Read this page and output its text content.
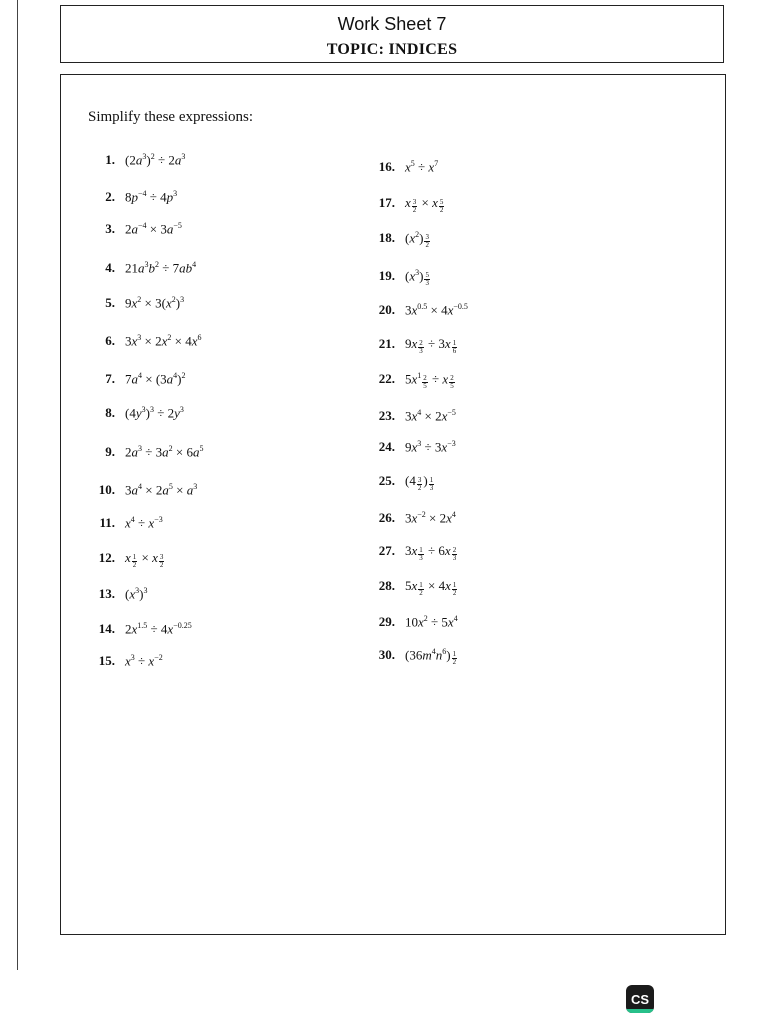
Work Sheet 7
TOPIC: INDICES
Simplify these expressions:
1. $(2a^3)^2 \div 2a^3$
2. $8p^{-4} \div 4p^3$
3. $2a^{-4} \times 3a^{-5}$
4. $21a^3b^2 \div 7ab^4$
5. $9x^2 \times 3(x^2)^3$
6. $3x^3 \times 2x^2 \times 4x^6$
7. $7a^4 \times (3a^4)^2$
8. $(4y^3)^3 \div 2y^3$
9. $2a^3 \div 3a^2 \times 6a^5$
10. $3a^4 \times 2a^5 \times a^3$
11. $x^4 \div x^{-3}$
12. x $\frac{1}{2} \times x \frac{3}{2}$
13. $(x^3)^3$
14. $2x^{1.5} \div 4x^{-0.25}$
15. $x^3 \div x^{-2}$
16. $x^5 \div x^7$
17. x $\frac{3}{2} \times x \frac{5}{2}$
18. $(x^2) \frac{3}{2}$
19. $(x^3) \frac{5}{3}$
20. $3x^{0.5} \times 4x^{-0.5}$
21. $9x \frac{2}{3} \div 3x \frac{1}{6}$
22. $5x^1 \frac{2}{5} \div x \frac{2}{5}$
23. $3x^4 \times 2x^{-5}$
24. $9x^3 \div 3x^{-3}$
25. ($4 \frac{3}{2}$ ) $\frac{1}{3}$
26. $3x^{-2} \times 2x^4$
27. $3x \frac{1}{3} \div 6x \frac{2}{3}$
28. $5x \frac{1}{2} \times 4x \frac{1}{2}$
29. $10x^2 \div 5x^4$
30. $(36m^4n^6) \frac{1}{2}$
CS
